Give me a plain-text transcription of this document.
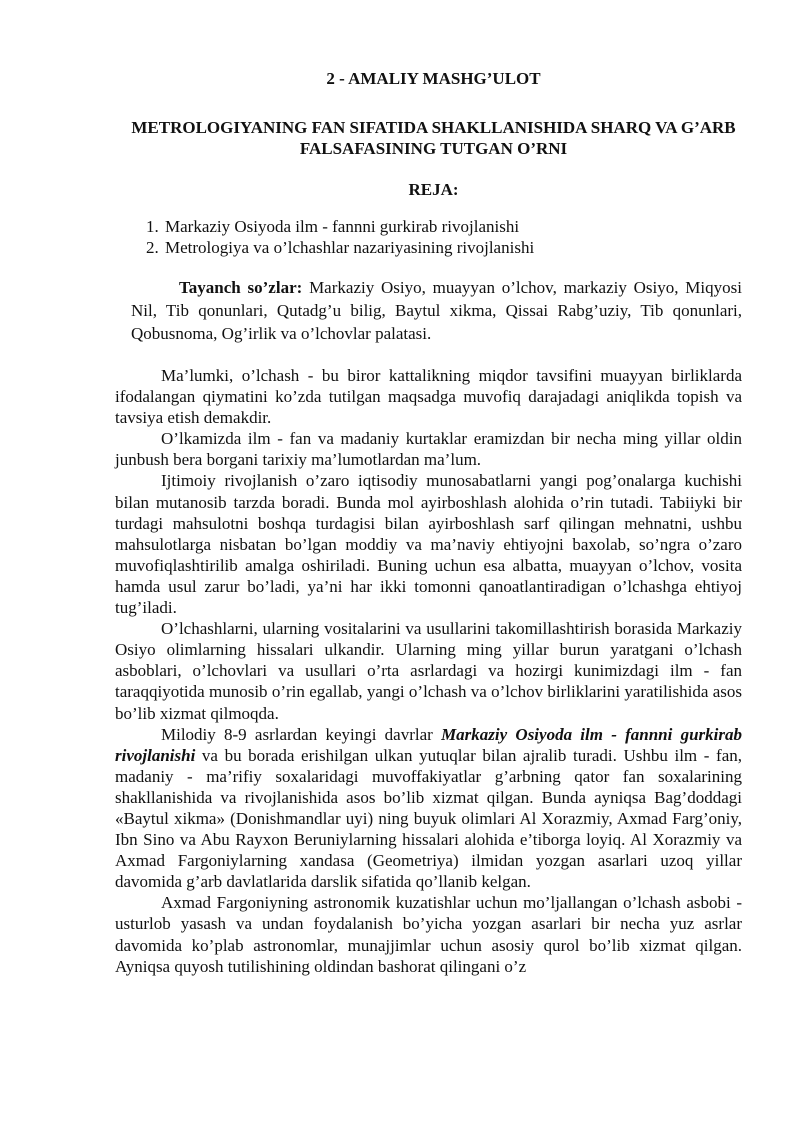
2 - AMALIY MASHG’ULOT
METROLOGIYANING FAN SIFATIDA SHAKLLANISHIDA SHARQ VA G’ARB FALSAFASINING TUTGAN O’RNI
REJA:
1. Markaziy Osiyoda ilm - fannni gurkirab rivojlanishi
2. Metrologiya va o’lchashlar nazariyasining rivojlanishi

Tayanch so’zlar: Markaziy Osiyo, muayyan o’lchov, markaziy Osiyo, Miqyosi Nil, Tib qonunlari, Qutadg’u bilig, Baytul xikma, Qissai Rabg’uziy, Tib qonunlari, Qobusnoma, Og’irlik va o’lchovlar palatasi.

Ma’lumki, o’lchash - bu biror kattalikning miqdor tavsifini muayyan birliklarda ifodalangan qiymatini ko’zda tutilgan maqsadga muvofiq darajadagi aniqlikda topish va tavsiya etish demakdir.

O’lkamizda ilm - fan va madaniy kurtaklar eramizdan bir necha ming yillar oldin junbush bera borgani tarixiy ma’lumotlardan ma’lum.

Ijtimoiy rivojlanish o’zaro iqtisodiy munosabatlarni yangi pog’onalarga kuchishi bilan mutanosib tarzda boradi. Bunda mol ayirboshlash alohida o’rin tutadi. Tabiiyki bir turdagi mahsulotni boshqa turdagisi bilan ayirboshlash sarf qilingan mehnatni, ushbu mahsulotlarga nisbatan bo’lgan moddiy va ma’naviy ehtiyojni baxolab, so’ngra o’zaro muvofiqlashtirilib amalga oshiriladi. Buning uchun esa albatta, muayyan o’lchov, vosita hamda usul zarur bo’ladi, ya’ni har ikki tomonni qanoatlantiradigan o’lchashga ehtiyoj tug’iladi.

O’lchashlarni, ularning vositalarini va usullarini takomillashtirish borasida Markaziy Osiyo olimlarning hissalari ulkandir. Ularning ming yillar burun yaratgani o’lchash asboblari, o’lchovlari va usullari o’rta asrlardagi va hozirgi kunimizdagi ilm - fan taraqqiyotida munosib o’rin egallab, yangi o’lchash va o’lchov birliklarini yaratilishida asos bo’lib xizmat qilmoqda.

Milodiy 8-9 asrlardan keyingi davrlar Markaziy Osiyoda ilm - fannni gurkirab rivojlanishi va bu borada erishilgan ulkan yutuqlar bilan ajralib turadi. Ushbu ilm - fan, madaniy - ma’rifiy soxalaridagi muvoffakiyatlar g’arbning qator fan soxalarining shakllanishida va rivojlanishida asos bo’lib xizmat qilgan. Bunda ayniqsa Bag’doddagi «Baytul xikma» (Donishmandlar uyi) ning buyuk olimlari Al Xorazmiy, Axmad Farg’oniy, Ibn Sino va Abu Rayxon Beruniylarning hissalari alohida e’tiborga loyiq. Al Xorazmiy va Axmad Fargoniylarning xandasa (Geometriya) ilmidan yozgan asarlari uzoq yillar davomida g’arb davlatlarida darslik sifatida qo’llanib kelgan.

Axmad Fargoniyning astronomik kuzatishlar uchun mo’ljallangan o’lchash asbobi - usturlob yasash va undan foydalanish bo’yicha yozgan asarlari bir necha yuz asrlar davomida ko’plab astronomlar, munajjimlar uchun asosiy qurol bo’lib xizmat qilgan. Ayniqsa quyosh tutilishining oldindan bashorat qilingani o’z
